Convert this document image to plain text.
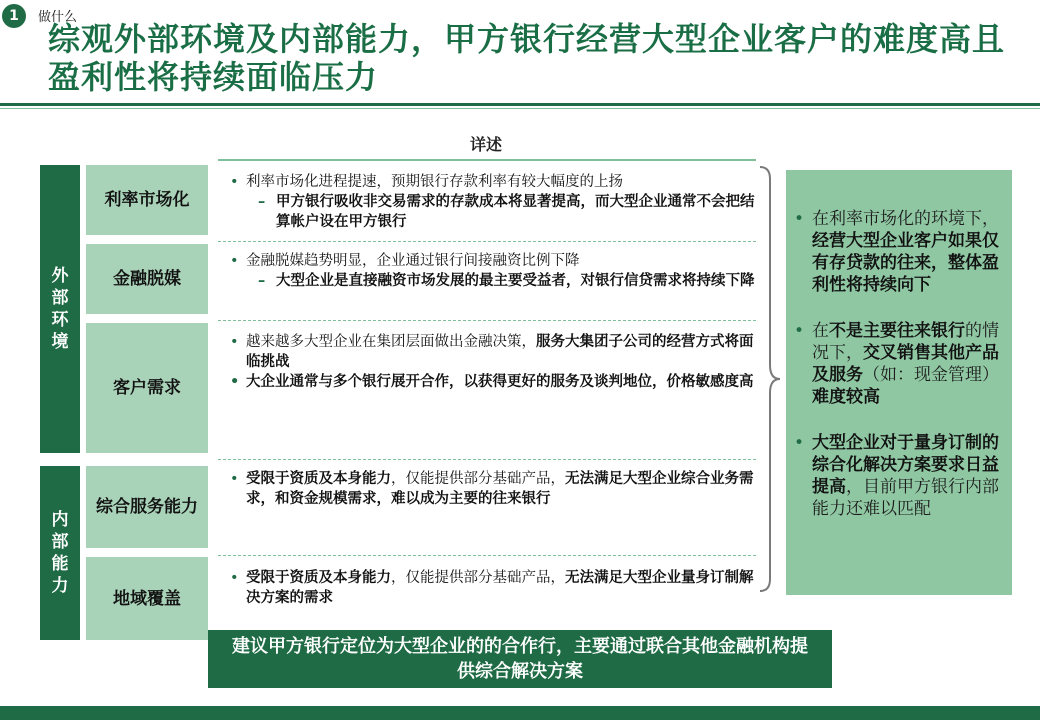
1	做什么
综观外部环境及内部能力，甲方银行经营大型企业客户的难度高且盈利性将持续面临压力
详述
外部环境
内部能力
利率市场化
金融脱媒
客户需求
综合服务能力
地域覆盖
• 利率市场化进程提速，预期银行存款利率有较大幅度的上扬
– 甲方银行吸收非交易需求的存款成本将显著提高，而大型企业通常不会把结算帐户设在甲方银行
• 金融脱媒趋势明显，企业通过银行间接融资比例下降
– 大型企业是直接融资市场发展的最主要受益者，对银行信贷需求将持续下降
• 越来越多大型企业在集团层面做出金融决策，服务大集团子公司的经营方式将面临挑战
• 大企业通常与多个银行展开合作，以获得更好的服务及谈判地位，价格敏感度高
• 受限于资质及本身能力，仅能提供部分基础产品，无法满足大型企业综合业务需求，和资金规模需求，难以成为主要的往来银行
• 受限于资质及本身能力，仅能提供部分基础产品，无法满足大型企业量身订制解决方案的需求
• 在利率市场化的环境下，经营大型企业客户如果仅有存贷款的往来，整体盈利性将持续向下
• 在不是主要往来银行的情况下，交叉销售其他产品及服务（如：现金管理）难度较高
• 大型企业对于量身订制的综合化解决方案要求日益提高，目前甲方银行内部能力还难以匹配
建议甲方银行定位为大型企业的的合作行，主要通过联合其他金融机构提供综合解决方案
